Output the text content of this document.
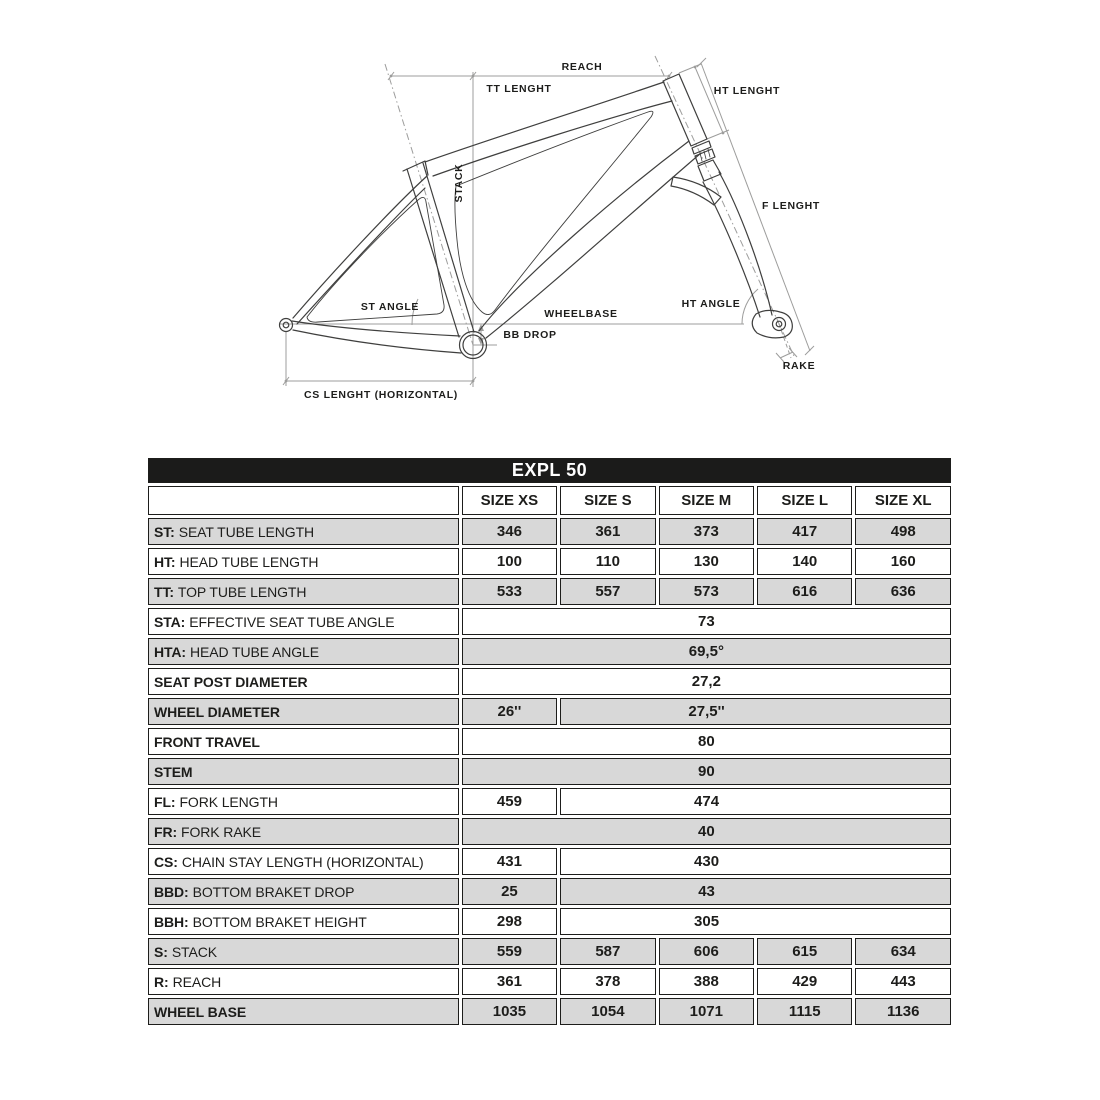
REACH
TT LENGHT	HT LENGHT
STACK
F LENGHT
ST ANGLE
WHEELBASE
BB DROP
HT ANGLE
RAKE
CS LENGHT (HORIZONTAL)
EXPL 50					
	SIZE XS	SIZE S	SIZE M	SIZE L	SIZE XL
ST: SEAT TUBE LENGTH	346	361	373	417	498
HT: HEAD TUBE LENGTH	100	110	130	140	160
TT: TOP TUBE LENGTH	533	557	573	616	636
STA: EFFECTIVE SEAT TUBE ANGLE	73				
HTA: HEAD TUBE ANGLE	69,5°				
SEAT POST DIAMETER	27,2				
WHEEL DIAMETER	26''	27,5''			
FRONT TRAVEL	80				
STEM	90				
FL: FORK LENGTH	459	474			
FR: FORK RAKE	40				
CS: CHAIN STAY LENGTH (HORIZONTAL)	431	430			
BBD: BOTTOM BRAKET DROP	25	43			
BBH: BOTTOM BRAKET HEIGHT	298	305			
S: STACK	559	587	606	615	634
R: REACH	361	378	388	429	443
WHEEL BASE	1035	1054	1071	1115	1136
